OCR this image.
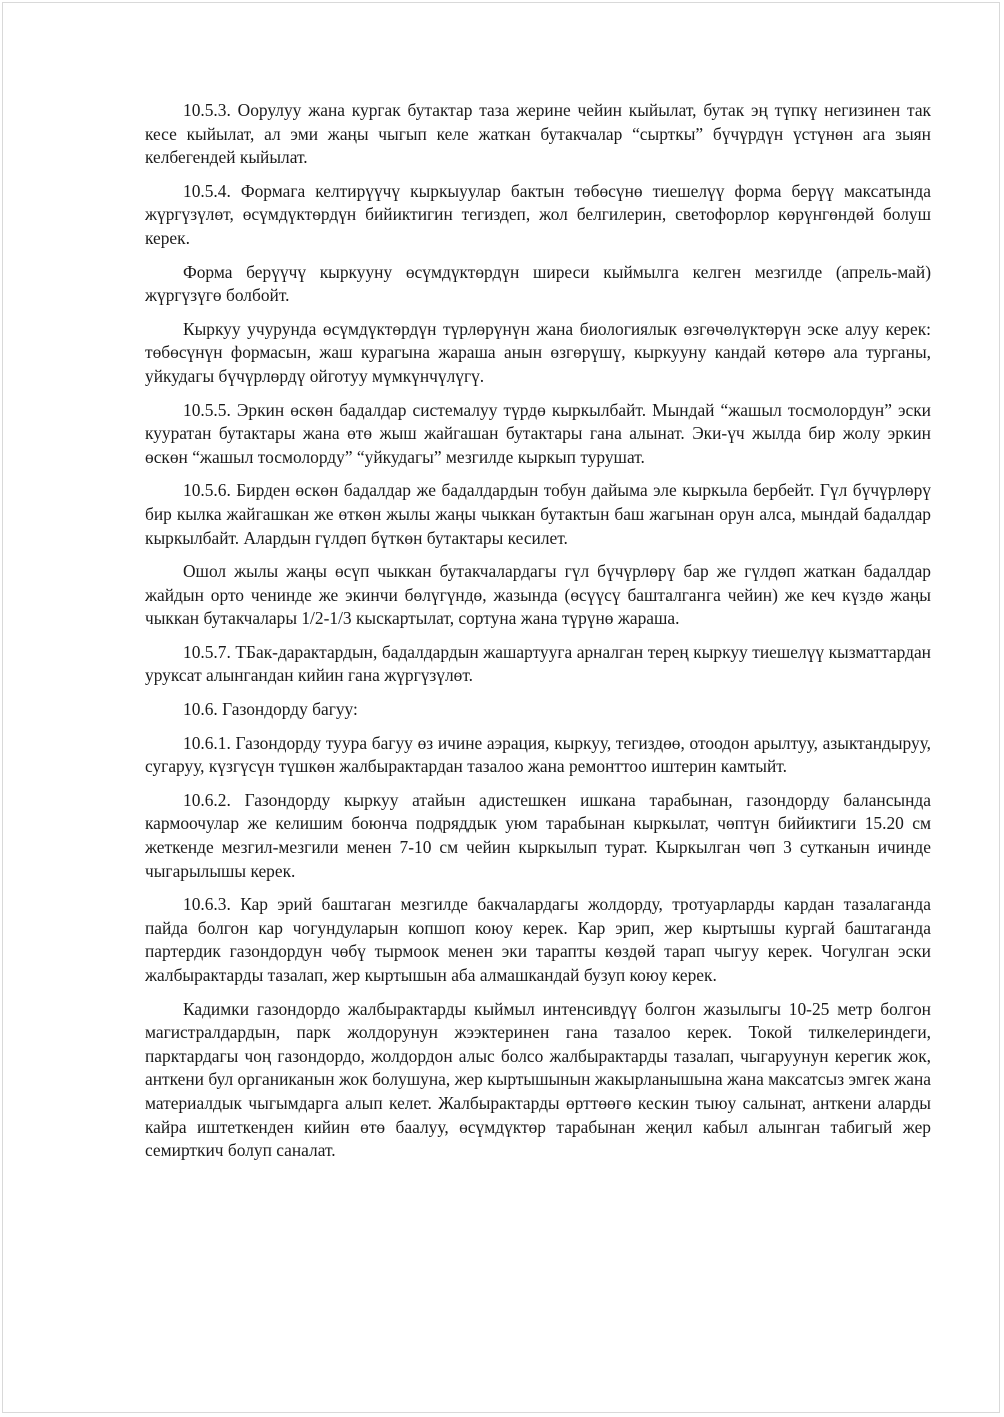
10.5.3. Оорулуу жана кургак бутактар таза жерине чейин кыйылат, бутак эң түпкү негизинен так кесе кыйылат, ал эми жаңы чыгып келе жаткан бутакчалар “сырткы” бүчүрдүн үстүнөн ага зыян келбегендей кыйылат.

10.5.4. Формага келтирүүчү кыркыуулар бактын төбөсүнө тиешелүү форма берүү максатында жүргүзүлөт, өсүмдүктөрдүн бийиктигин тегиздеп, жол белгилерин, светофорлор көрүнгөндөй болуш керек.

Форма берүүчү кыркууну өсүмдүктөрдүн ширеси кыймылга келген мезгилде (апрель-май) жүргүзүгө болбойт.

Кыркуу учурунда өсүмдүктөрдүн түрлөрүнүн жана биологиялык өзгөчөлүктөрүн эске алуу керек: төбөсүнүн формасын, жаш курагына жараша анын өзгөрүшү, кыркууну кандай көтөрө ала турганы, уйкудагы бүчүрлөрдү ойготуу мүмкүнчүлүгү.

10.5.5. Эркин өскөн бадалдар системалуу түрдө кыркылбайт. Мындай “жашыл тосмолордун” эски кууратан бутактары жана өтө жыш жайгашан бутактары гана алынат. Эки-үч жылда бир жолу эркин өскөн “жашыл тосмолорду” “уйкудагы” мезгилде кыркып турушат.

10.5.6. Бирден өскөн бадалдар же бадалдардын тобун дайыма эле кыркыла бербейт. Гүл бүчүрлөрү бир кылка жайгашкан же өткөн жылы жаңы чыккан бутактын баш жагынан орун алса, мындай бадалдар кыркылбайт. Алардын гүлдөп бүткөн бутактары кесилет.

Ошол жылы жаңы өсүп чыккан бутакчалардагы гүл бүчүрлөрү бар же гүлдөп жаткан бадалдар жайдын орто ченинде же экинчи бөлүгүндө, жазында (өсүүсү башталганга чейин) же кеч күздө жаңы чыккан бутакчалары 1/2-1/3 кыскартылат, сортуна жана түрүнө жараша.

10.5.7. ТБак-дарактардын, бадалдардын жашартууга арналган терең кыркуу тиешелүү кызматтардан уруксат алынгандан кийин гана жүргүзүлөт.

10.6. Газондорду багуу:

10.6.1. Газондорду туура багуу өз ичине аэрация, кыркуу, тегиздөө, отоодон арылтуу, азыктандыруу, сугаруу, күзгүсүн түшкөн жалбырактардан тазалоо жана ремонттоо иштерин камтыйт.

10.6.2. Газондорду кыркуу атайын адистешкен ишкана тарабынан, газондорду балансында кармоочулар же келишим боюнча подряддык уюм тарабынан кыркылат, чөптүн бийиктиги 15.20 см жеткенде мезгил-мезгили менен 7-10 см чейин кыркылып турат. Кыркылган чөп 3 сутканын ичинде чыгарылышы керек.

10.6.3. Кар эрий баштаган мезгилде бакчалардагы жолдорду, тротуарларды кардан тазалаганда пайда болгон кар чогундуларын копшоп коюу керек. Кар эрип, жер кыртышы кургай баштаганда партердик газондордун чөбү тырмоок менен эки тарапты көздөй тарап чыгуу керек. Чогулган эски жалбырактарды тазалап, жер кыртышын аба алмашкандай бузуп коюу керек.

Кадимки газондордо жалбырактарды кыймыл интенсивдүү болгон жазылыгы 10-25 метр болгон магистралдардын, парк жолдорунун жээктеринен гана тазалоо керек. Токой тилкелериндеги, парктардагы чоң газондордо, жолдордон алыс болсо жалбырактарды тазалап, чыгаруунун керегик жок, анткени бул органиканын жок болушуна, жер кыртышынын жакырланышына жана максатсыз эмгек жана материалдык чыгымдарга алып келет. Жалбырактарды өрттөөгө кескин тыюу салынат, анткени аларды кайра иштеткенден кийин өтө баалуу, өсүмдүктөр тарабынан жеңил кабыл алынган табигый жер семирткич болуп саналат.
